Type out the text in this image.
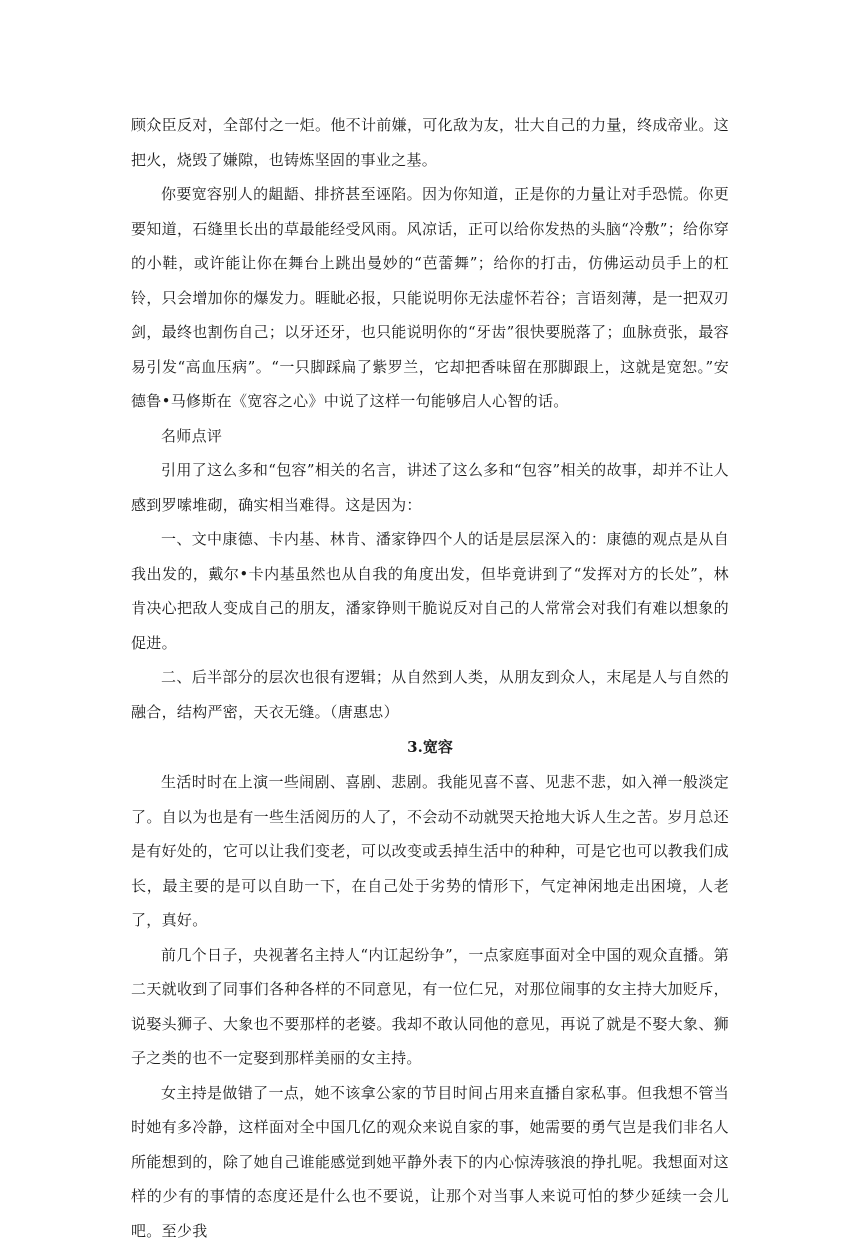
顾众臣反对，全部付之一炬。他不计前嫌，可化敌为友，壮大自己的力量，终成帝业。这把火，烧毁了嫌隙，也铸炼坚固的事业之基。

你要宽容别人的龃龉、排挤甚至诬陷。因为你知道，正是你的力量让对手恐慌。你更要知道，石缝里长出的草最能经受风雨。风凉话，正可以给你发热的头脑“冷敷”；给你穿的小鞋，或许能让你在舞台上跳出曼妙的“芭蕾舞”；给你的打击，仿佛运动员手上的杠铃，只会增加你的爆发力。睚眦必报，只能说明你无法虚怀若谷；言语刻薄，是一把双刃剑，最终也割伤自己；以牙还牙，也只能说明你的“牙齿”很快要脱落了；血脉贲张，最容易引发“高血压病”。“一只脚踩扁了紫罗兰，它却把香味留在那脚跟上，这就是宽恕。”安德鲁•马修斯在《宽容之心》中说了这样一句能够启人心智的话。

名师点评

引用了这么多和“包容”相关的名言，讲述了这么多和“包容”相关的故事，却并不让人感到罗嗦堆砌，确实相当难得。这是因为：

一、文中康德、卡内基、林肯、潘家铮四个人的话是层层深入的：康德的观点是从自我出发的，戴尔•卡内基虽然也从自我的角度出发，但毕竟讲到了“发挥对方的长处”，林肯决心把敌人变成自己的朋友，潘家铮则干脆说反对自己的人常常会对我们有难以想象的促进。

二、后半部分的层次也很有逻辑；从自然到人类，从朋友到众人，末尾是人与自然的融合，结构严密，天衣无缝。（唐惠忠）

3.宽容

生活时时在上演一些闹剧、喜剧、悲剧。我能见喜不喜、见悲不悲，如入禅一般淡定了。自以为也是有一些生活阅历的人了，不会动不动就哭天抢地大诉人生之苦。岁月总还是有好处的，它可以让我们变老，可以改变或丢掉生活中的种种，可是它也可以教我们成长，最主要的是可以自助一下，在自己处于劣势的情形下，气定神闲地走出困境，人老了，真好。

前几个日子，央视著名主持人“内讧起纷争”，一点家庭事面对全中国的观众直播。第二天就收到了同事们各种各样的不同意见，有一位仁兄，对那位闹事的女主持大加贬斥，说娶头狮子、大象也不要那样的老婆。我却不敢认同他的意见，再说了就是不娶大象、狮子之类的也不一定娶到那样美丽的女主持。

女主持是做错了一点，她不该拿公家的节目时间占用来直播自家私事。但我想不管当时她有多冷静，这样面对全中国几亿的观众来说自家的事，她需要的勇气岂是我们非名人所能想到的，除了她自己谁能感觉到她平静外表下的内心惊涛骇浪的挣扎呢。我想面对这样的少有的事情的态度还是什么也不要说，让那个对当事人来说可怕的梦少延续一会儿吧。至少我
